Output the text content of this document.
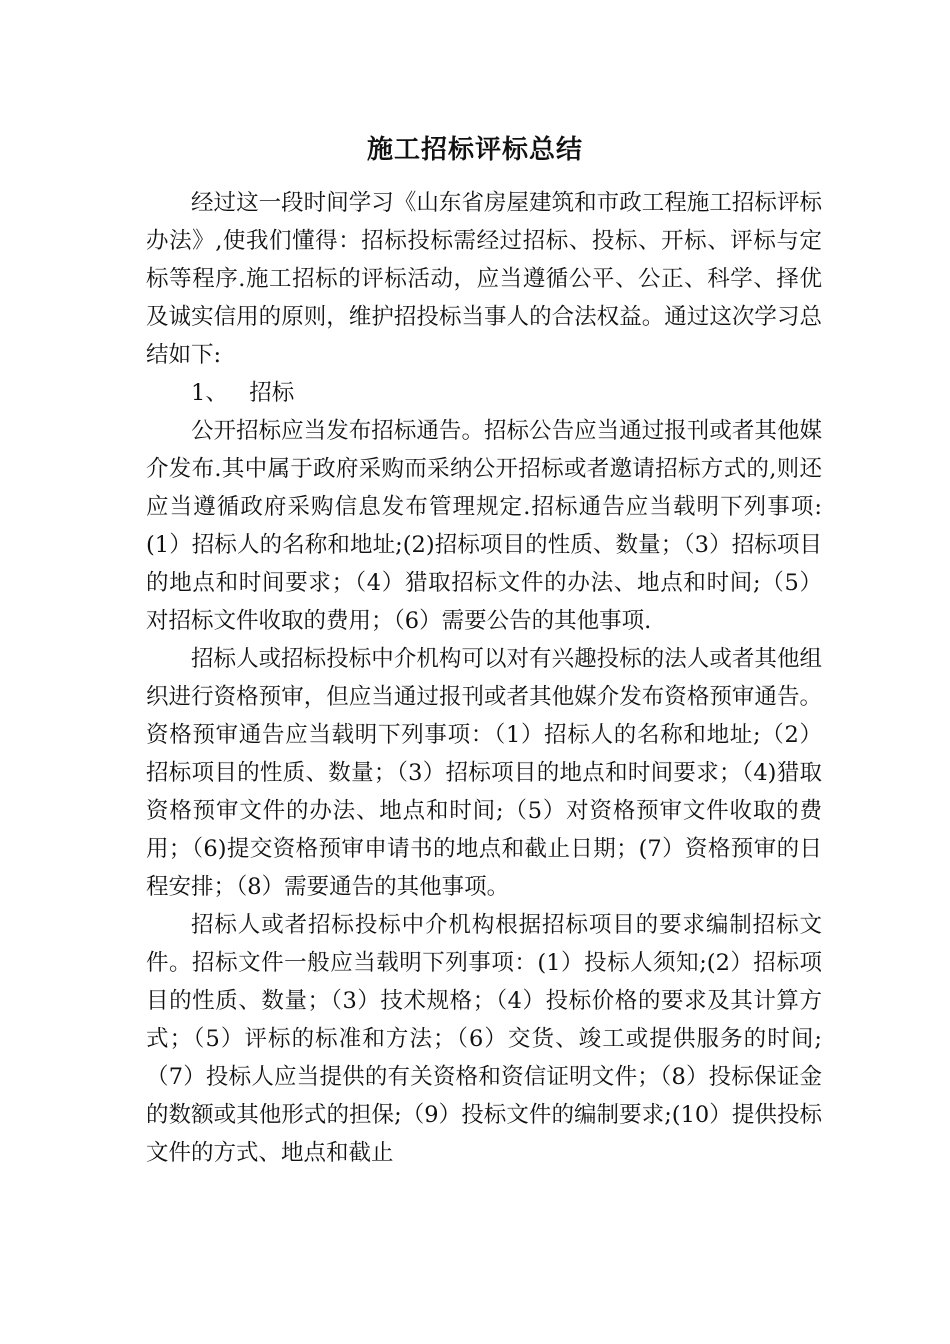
施工招标评标总结

经过这一段时间学习《山东省房屋建筑和市政工程施工招标评标办法》,使我们懂得：招标投标需经过招标、投标、开标、评标与定标等程序.施工招标的评标活动，应当遵循公平、公正、科学、择优及诚实信用的原则，维护招投标当事人的合法权益。通过这次学习总结如下:

1、   招标

公开招标应当发布招标通告。招标公告应当通过报刊或者其他媒介发布.其中属于政府采购而采纳公开招标或者邀请招标方式的,则还应当遵循政府采购信息发布管理规定.招标通告应当载明下列事项:(1）招标人的名称和地址;(2)招标项目的性质、数量；（3）招标项目的地点和时间要求；（4）猎取招标文件的办法、地点和时间;（5）对招标文件收取的费用；（6）需要公告的其他事项.

招标人或招标投标中介机构可以对有兴趣投标的法人或者其他组织进行资格预审，但应当通过报刊或者其他媒介发布资格预审通告。资格预审通告应当载明下列事项：（1）招标人的名称和地址;（2）招标项目的性质、数量；（3）招标项目的地点和时间要求；（4)猎取资格预审文件的办法、地点和时间;（5）对资格预审文件收取的费用；（6)提交资格预审申请书的地点和截止日期；(7）资格预审的日程安排；（8）需要通告的其他事项。

招标人或者招标投标中介机构根据招标项目的要求编制招标文件。招标文件一般应当载明下列事项：(1）投标人须知;(2）招标项目的性质、数量；（3）技术规格；（4）投标价格的要求及其计算方式；（5）评标的标准和方法；（6）交货、竣工或提供服务的时间;（7）投标人应当提供的有关资格和资信证明文件；（8）投标保证金的数额或其他形式的担保;（9）投标文件的编制要求;(10）提供投标文件的方式、地点和截止
